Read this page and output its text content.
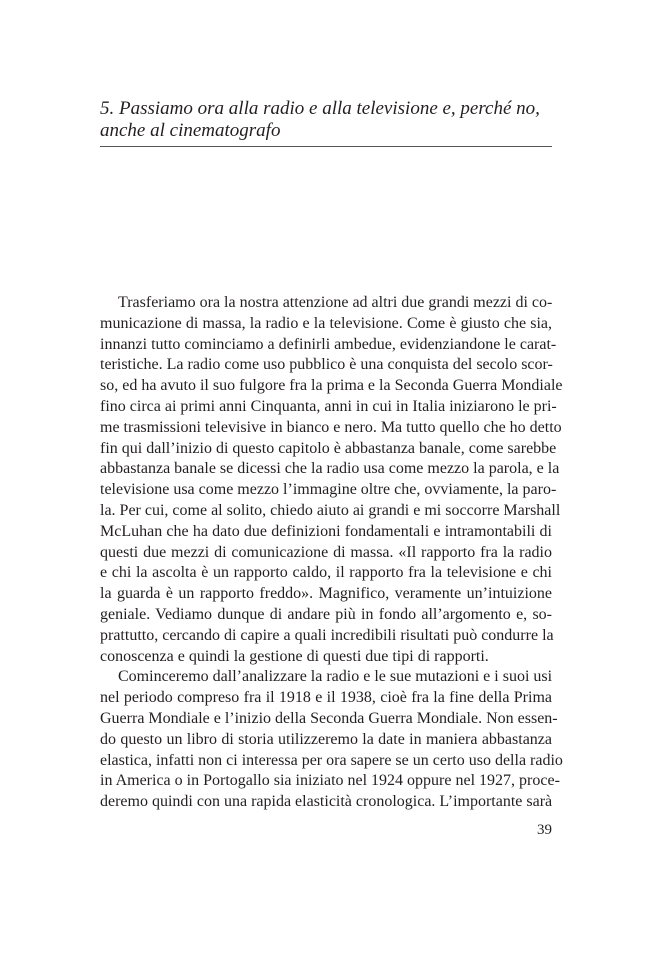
5. Passiamo ora alla radio e alla televisione e, perché no,
anche al cinematografo
Trasferiamo ora la nostra attenzione ad altri due grandi mezzi di co-
municazione di massa, la radio e la televisione. Come è giusto che sia,
innanzi tutto cominciamo a definirli ambedue, evidenziandone le carat-
teristiche. La radio come uso pubblico è una conquista del secolo scor-
so, ed ha avuto il suo fulgore fra la prima e la Seconda Guerra Mondiale
fino circa ai primi anni Cinquanta, anni in cui in Italia iniziarono le pri-
me trasmissioni televisive in bianco e nero. Ma tutto quello che ho detto
fin qui dall’inizio di questo capitolo è abbastanza banale, come sarebbe
abbastanza banale se dicessi che la radio usa come mezzo la parola, e la
televisione usa come mezzo l’immagine oltre che, ovviamente, la paro-
la. Per cui, come al solito, chiedo aiuto ai grandi e mi soccorre Marshall
McLuhan che ha dato due definizioni fondamentali e intramontabili di
questi due mezzi di comunicazione di massa. «Il rapporto fra la radio
e chi la ascolta è un rapporto caldo, il rapporto fra la televisione e chi
la guarda è un rapporto freddo». Magnifico, veramente un’intuizione
geniale. Vediamo dunque di andare più in fondo all’argomento e, so-
prattutto, cercando di capire a quali incredibili risultati può condurre la
conoscenza e quindi la gestione di questi due tipi di rapporti.
Cominceremo dall’analizzare la radio e le sue mutazioni e i suoi usi
nel periodo compreso fra il 1918 e il 1938, cioè fra la fine della Prima
Guerra Mondiale e l’inizio della Seconda Guerra Mondiale. Non essen-
do questo un libro di storia utilizzeremo la date in maniera abbastanza
elastica, infatti non ci interessa per ora sapere se un certo uso della radio
in America o in Portogallo sia iniziato nel 1924 oppure nel 1927, proce-
deremo quindi con una rapida elasticità cronologica. L’importante sarà
39
